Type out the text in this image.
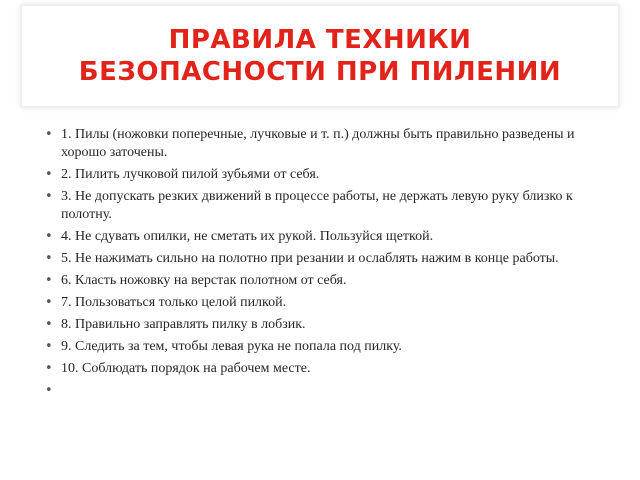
ПРАВИЛА ТЕХНИКИ
БЕЗОПАСНОСТИ ПРИ ПИЛЕНИИ
• 1. Пилы (ножовки поперечные, лучковые и т. п.) должны быть правильно разведены и хорошо заточены.
• 2. Пилить лучковой пилой зубьями от себя.
• 3. Не допускать резких движений в процессе работы, не держать левую руку близко к полотну.
• 4. Не сдувать опилки, не сметать их рукой. Пользуйся щеткой.
• 5. Не нажимать сильно на полотно при резании и ослаблять нажим в конце работы.
• 6. Класть ножовку на верстак полотном от себя.
• 7. Пользоваться только целой пилкой.
• 8. Правильно заправлять пилку в лобзик.
• 9. Следить за тем, чтобы левая рука не попала под пилку.
• 10. Соблюдать порядок на рабочем месте.
•
